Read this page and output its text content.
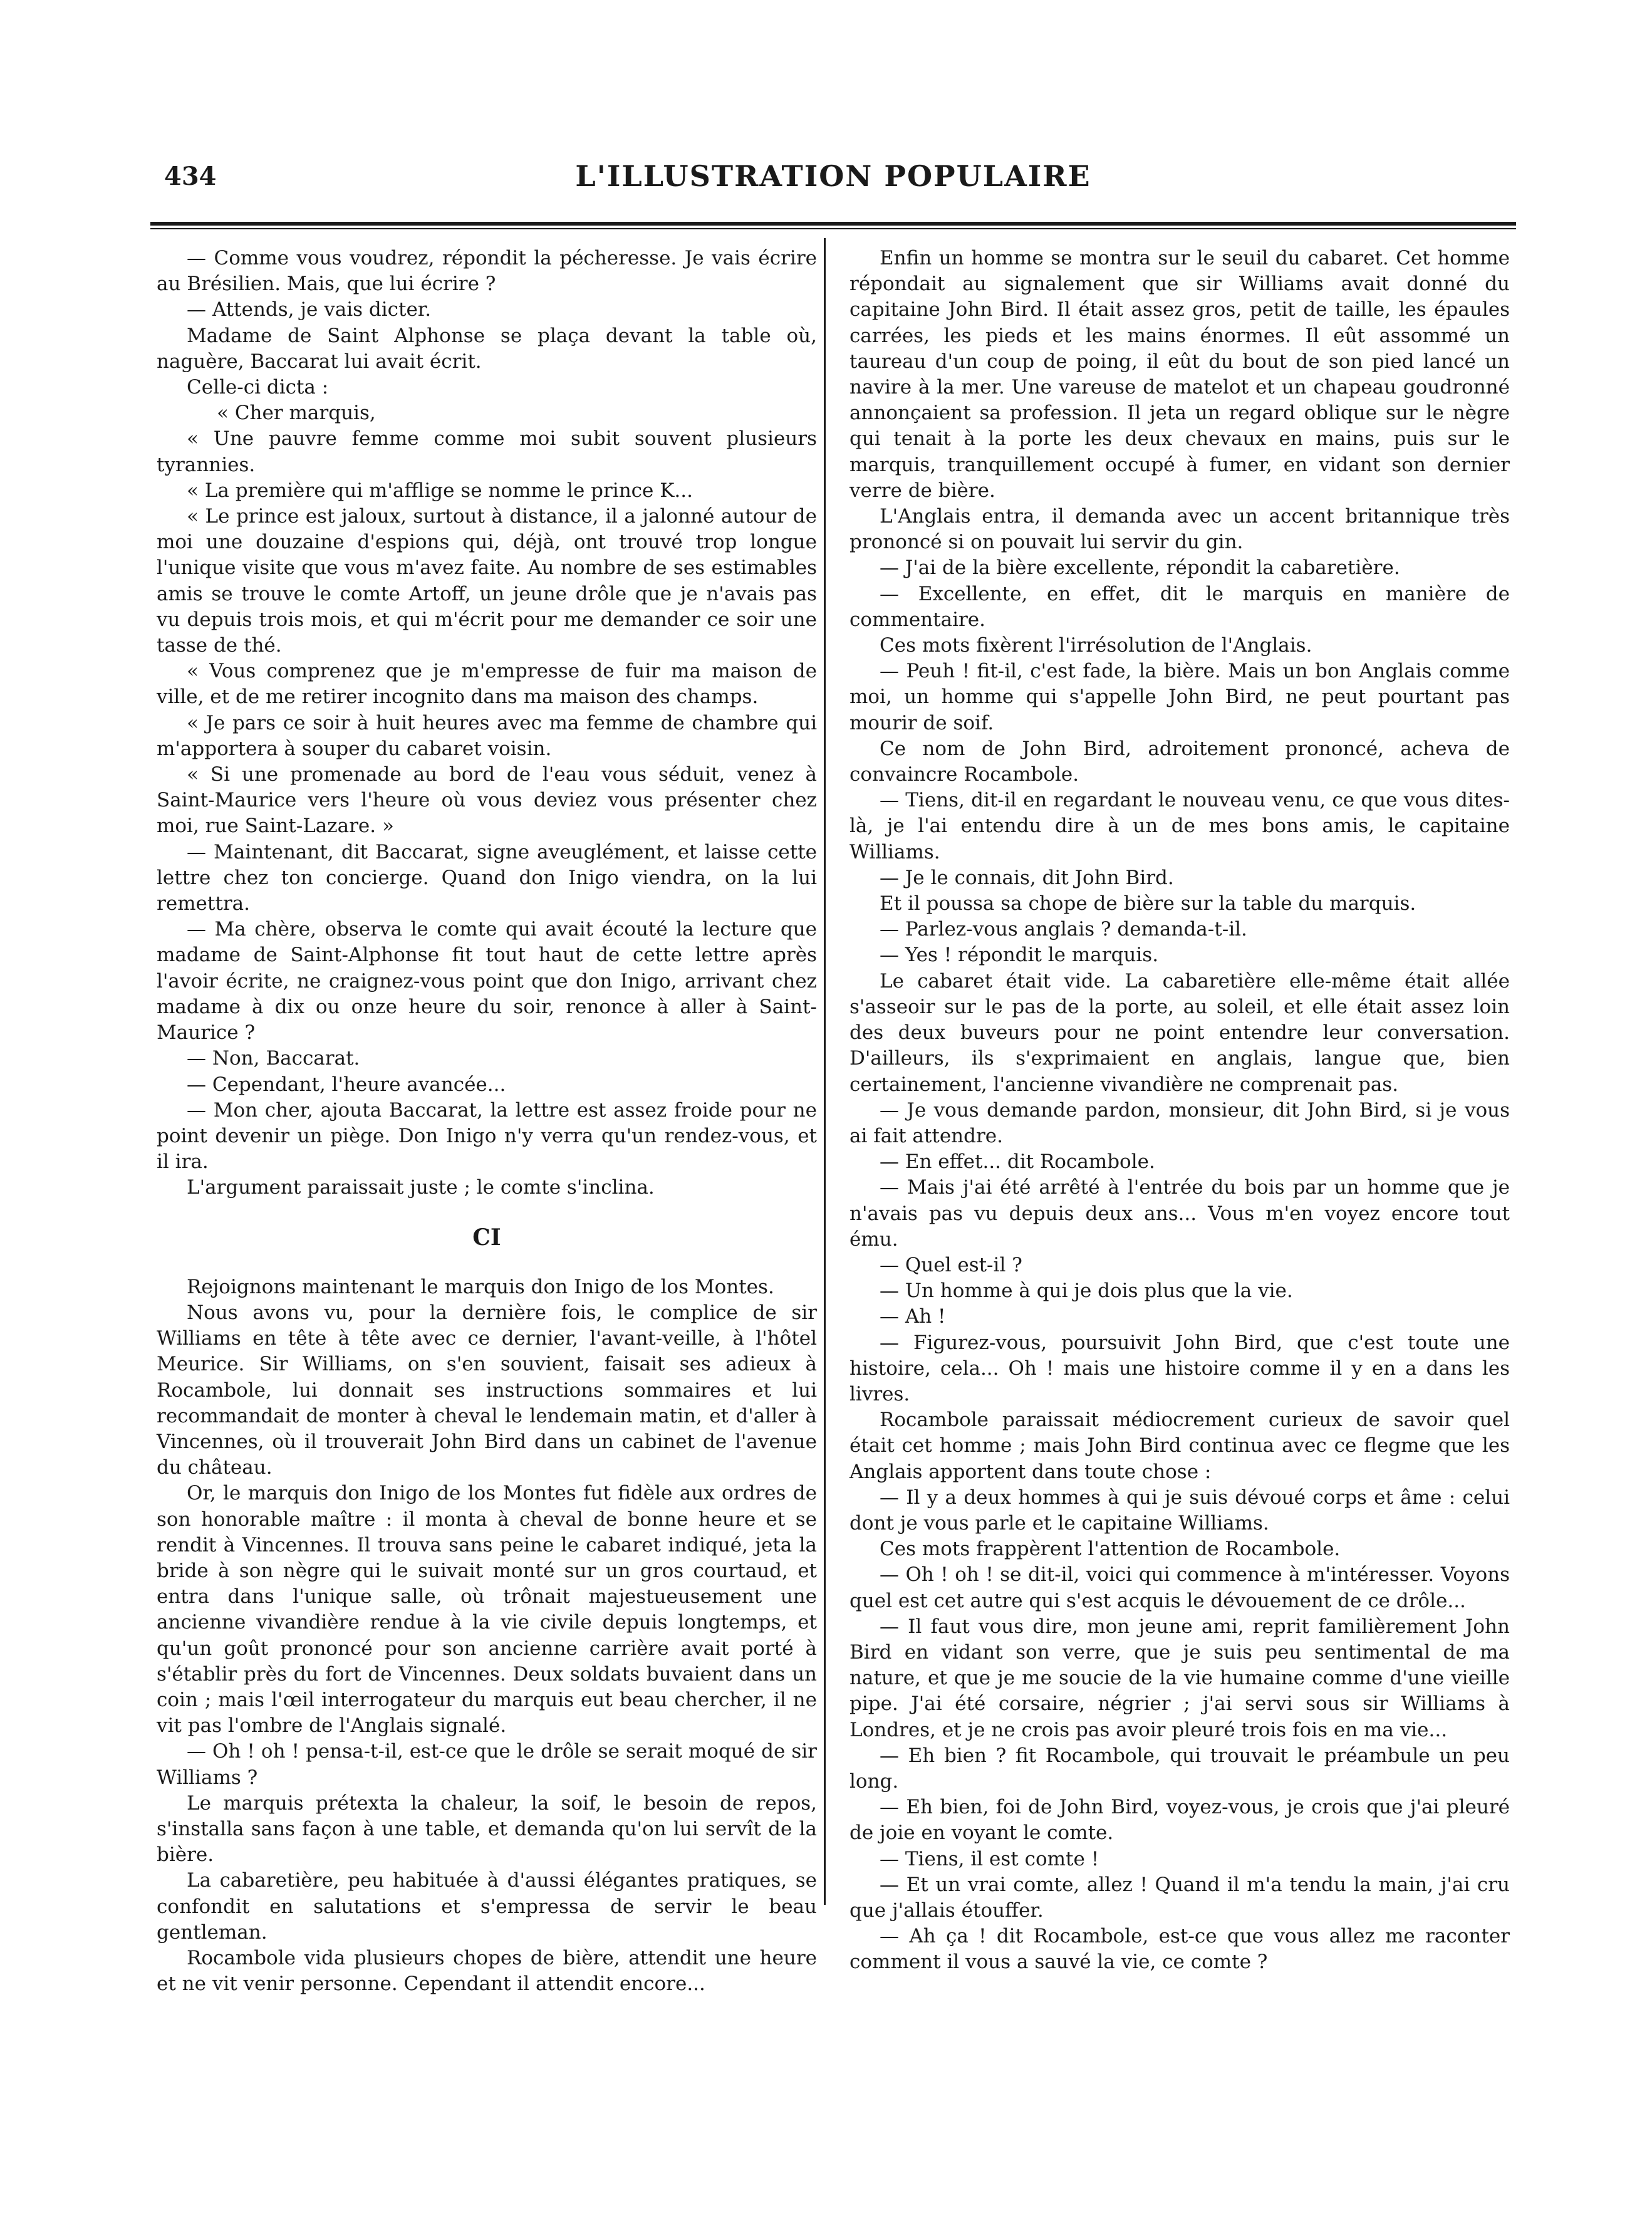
434	L'ILLUSTRATION POPULAIRE

— Comme vous voudrez, répondit la pécheresse. Je vais écrire au Brésilien. Mais, que lui écrire ?

— Attends, je vais dicter.

Madame de Saint Alphonse se plaça devant la table où, naguère, Baccarat lui avait écrit.

Celle-ci dicta :

« Cher marquis,

« Une pauvre femme comme moi subit souvent plusieurs tyrannies.

« La première qui m'afflige se nomme le prince K...

« Le prince est jaloux, surtout à distance, il a jalonné autour de moi une douzaine d'espions qui, déjà, ont trouvé trop longue l'unique visite que vous m'avez faite. Au nombre de ses estimables amis se trouve le comte Artoff, un jeune drôle que je n'avais pas vu depuis trois mois, et qui m'écrit pour me demander ce soir une tasse de thé.

« Vous comprenez que je m'empresse de fuir ma maison de ville, et de me retirer incognito dans ma maison des champs.

« Je pars ce soir à huit heures avec ma femme de chambre qui m'apportera à souper du cabaret voisin.

« Si une promenade au bord de l'eau vous séduit, venez à Saint-Maurice vers l'heure où vous deviez vous présenter chez moi, rue Saint-Lazare. »

— Maintenant, dit Baccarat, signe aveuglément, et laisse cette lettre chez ton concierge. Quand don Inigo viendra, on la lui remettra.

— Ma chère, observa le comte qui avait écouté la lecture que madame de Saint-Alphonse fit tout haut de cette lettre après l'avoir écrite, ne craignez-vous point que don Inigo, arrivant chez madame à dix ou onze heure du soir, renonce à aller à Saint-Maurice ?

— Non, Baccarat.

— Cependant, l'heure avancée...

— Mon cher, ajouta Baccarat, la lettre est assez froide pour ne point devenir un piège. Don Inigo n'y verra qu'un rendez-vous, et il ira.

L'argument paraissait juste ; le comte s'inclina.

CI

Rejoignons maintenant le marquis don Inigo de los Montes.

Nous avons vu, pour la dernière fois, le complice de sir Williams en tête à tête avec ce dernier, l'avant-veille, à l'hôtel Meurice. Sir Williams, on s'en souvient, faisait ses adieux à Rocambole, lui donnait ses instructions sommaires et lui recommandait de monter à cheval le lendemain matin, et d'aller à Vincennes, où il trouverait John Bird dans un cabinet de l'avenue du château.

Or, le marquis don Inigo de los Montes fut fidèle aux ordres de son honorable maître : il monta à cheval de bonne heure et se rendit à Vincennes. Il trouva sans peine le cabaret indiqué, jeta la bride à son nègre qui le suivait monté sur un gros courtaud, et entra dans l'unique salle, où trônait majestueusement une ancienne vivandière rendue à la vie civile depuis longtemps, et qu'un goût prononcé pour son ancienne carrière avait porté à s'établir près du fort de Vincennes. Deux soldats buvaient dans un coin ; mais l'œil interrogateur du marquis eut beau chercher, il ne vit pas l'ombre de l'Anglais signalé.

— Oh ! oh ! pensa-t-il, est-ce que le drôle se serait moqué de sir Williams ?

Le marquis prétexta la chaleur, la soif, le besoin de repos, s'installa sans façon à une table, et demanda qu'on lui servît de la bière.

La cabaretière, peu habituée à d'aussi élégantes pratiques, se confondit en salutations et s'empressa de servir le beau gentleman.

Rocambole vida plusieurs chopes de bière, attendit une heure et ne vit venir personne. Cependant il attendit encore...

Enfin un homme se montra sur le seuil du cabaret. Cet homme répondait au signalement que sir Williams avait donné du capitaine John Bird. Il était assez gros, petit de taille, les épaules carrées, les pieds et les mains énormes. Il eût assommé un taureau d'un coup de poing, il eût du bout de son pied lancé un navire à la mer. Une vareuse de matelot et un chapeau goudronné annonçaient sa profession. Il jeta un regard oblique sur le nègre qui tenait à la porte les deux chevaux en mains, puis sur le marquis, tranquillement occupé à fumer, en vidant son dernier verre de bière.

L'Anglais entra, il demanda avec un accent britannique très prononcé si on pouvait lui servir du gin.

— J'ai de la bière excellente, répondit la cabaretière.

— Excellente, en effet, dit le marquis en manière de commentaire.

Ces mots fixèrent l'irrésolution de l'Anglais.

— Peuh ! fit-il, c'est fade, la bière. Mais un bon Anglais comme moi, un homme qui s'appelle John Bird, ne peut pourtant pas mourir de soif.

Ce nom de John Bird, adroitement prononcé, acheva de convaincre Rocambole.

— Tiens, dit-il en regardant le nouveau venu, ce que vous dites-là, je l'ai entendu dire à un de mes bons amis, le capitaine Williams.

— Je le connais, dit John Bird.

Et il poussa sa chope de bière sur la table du marquis.

— Parlez-vous anglais ? demanda-t-il.

— Yes ! répondit le marquis.

Le cabaret était vide. La cabaretière elle-même était allée s'asseoir sur le pas de la porte, au soleil, et elle était assez loin des deux buveurs pour ne point entendre leur conversation. D'ailleurs, ils s'exprimaient en anglais, langue que, bien certainement, l'ancienne vivandière ne comprenait pas.

— Je vous demande pardon, monsieur, dit John Bird, si je vous ai fait attendre.

— En effet... dit Rocambole.

— Mais j'ai été arrêté à l'entrée du bois par un homme que je n'avais pas vu depuis deux ans... Vous m'en voyez encore tout ému.

— Quel est-il ?

— Un homme à qui je dois plus que la vie.

— Ah !

— Figurez-vous, poursuivit John Bird, que c'est toute une histoire, cela... Oh ! mais une histoire comme il y en a dans les livres.

Rocambole paraissait médiocrement curieux de savoir quel était cet homme ; mais John Bird continua avec ce flegme que les Anglais apportent dans toute chose :

— Il y a deux hommes à qui je suis dévoué corps et âme : celui dont je vous parle et le capitaine Williams.

Ces mots frappèrent l'attention de Rocambole.

— Oh ! oh ! se dit-il, voici qui commence à m'intéresser. Voyons quel est cet autre qui s'est acquis le dévouement de ce drôle...

— Il faut vous dire, mon jeune ami, reprit familièrement John Bird en vidant son verre, que je suis peu sentimental de ma nature, et que je me soucie de la vie humaine comme d'une vieille pipe. J'ai été corsaire, négrier ; j'ai servi sous sir Williams à Londres, et je ne crois pas avoir pleuré trois fois en ma vie...

— Eh bien ? fit Rocambole, qui trouvait le préambule un peu long.

— Eh bien, foi de John Bird, voyez-vous, je crois que j'ai pleuré de joie en voyant le comte.

— Tiens, il est comte !

— Et un vrai comte, allez ! Quand il m'a tendu la main, j'ai cru que j'allais étouffer.

— Ah ça ! dit Rocambole, est-ce que vous allez me raconter comment il vous a sauvé la vie, ce comte ?
